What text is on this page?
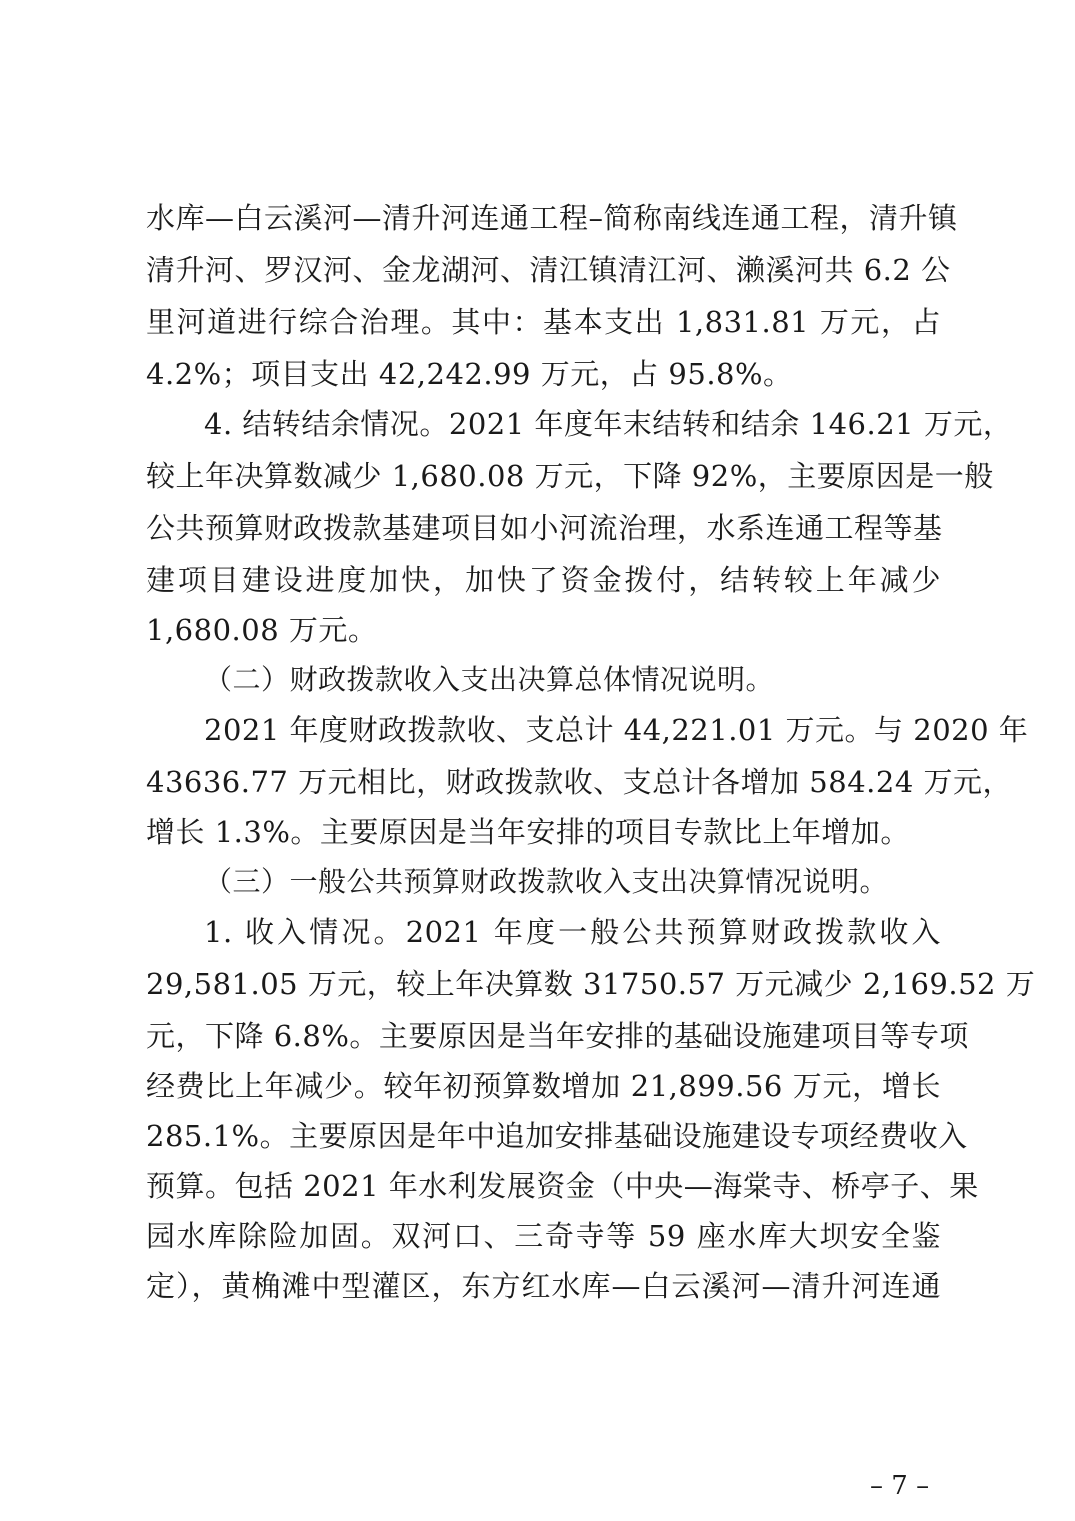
水库—白云溪河—清升河连通工程–简称南线连通工程，清升镇
清升河、罗汉河、金龙湖河、清江镇清江河、濑溪河共 6.2 公
里河道进行综合治理。其中：基本支出 1,831.81 万元，占
4.2%；项目支出 42,242.99 万元，占 95.8%。
4. 结转结余情况。2021 年度年末结转和结余 146.21 万元，
较上年决算数减少 1,680.08 万元，下降 92%，主要原因是一般
公共预算财政拨款基建项目如小河流治理，水系连通工程等基
建项目建设进度加快，加快了资金拨付，结转较上年减少
1,680.08 万元。
（二）财政拨款收入支出决算总体情况说明。
2021 年度财政拨款收、支总计 44,221.01 万元。与 2020 年
43636.77 万元相比，财政拨款收、支总计各增加 584.24 万元，
增长 1.3%。主要原因是当年安排的项目专款比上年增加。
（三）一般公共预算财政拨款收入支出决算情况说明。
1. 收入情况。2021 年度一般公共预算财政拨款收入
29,581.05 万元，较上年决算数 31750.57 万元减少 2,169.52 万
元，下降 6.8%。主要原因是当年安排的基础设施建项目等专项
经费比上年减少。较年初预算数增加 21,899.56 万元，增长
285.1%。主要原因是年中追加安排基础设施建设专项经费收入
预算。包括 2021 年水利发展资金（中央—海棠寺、桥亭子、果
园水库除险加固。双河口、三奇寺等 59 座水库大坝安全鉴
定），黄桷滩中型灌区，东方红水库—白云溪河—清升河连通
– 7 –
